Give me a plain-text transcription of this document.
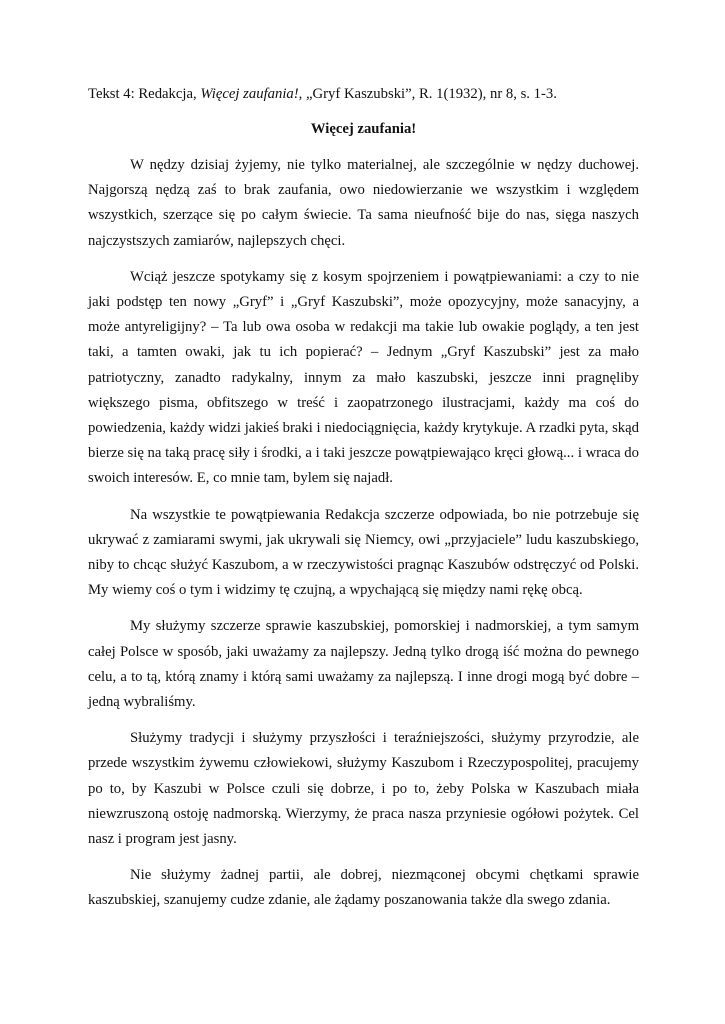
Tekst 4: Redakcja, Więcej zaufania!, „Gryf Kaszubski”, R. 1(1932), nr 8, s. 1-3.
Więcej zaufania!

W nędzy dzisiaj żyjemy, nie tylko materialnej, ale szczególnie w nędzy duchowej. Najgorszą nędzą zaś to brak zaufania, owo niedowierzanie we wszystkim i względem wszystkich, szerzące się po całym świecie. Ta sama nieufność bije do nas, sięga naszych najczystszych zamiarów, najlepszych chęci.

Wciąż jeszcze spotykamy się z kosym spojrzeniem i powątpiewaniami: a czy to nie jaki podstęp ten nowy „Gryf” i „Gryf Kaszubski”, może opozycyjny, może sanacyjny, a może antyreligijny? – Ta lub owa osoba w redakcji ma takie lub owakie poglądy, a ten jest taki, a tamten owaki, jak tu ich popierać? – Jednym „Gryf Kaszubski” jest za mało patriotyczny, zanadto radykalny, innym za mało kaszubski, jeszcze inni pragnęliby większego pisma, obfitszego w treść i zaopatrzonego ilustracjami, każdy ma coś do powiedzenia, każdy widzi jakieś braki i niedociągnięcia, każdy krytykuje. A rzadki pyta, skąd bierze się na taką pracę siły i środki, a i taki jeszcze powątpiewająco kręci głową... i wraca do swoich interesów. E, co mnie tam, bylem się najadł.

Na wszystkie te powątpiewania Redakcja szczerze odpowiada, bo nie potrzebuje się ukrywać z zamiarami swymi, jak ukrywali się Niemcy, owi „przyjaciele” ludu kaszubskiego, niby to chcąc służyć Kaszubom, a w rzeczywistości pragnąc Kaszubów odstręczyć od Polski. My wiemy coś o tym i widzimy tę czujną, a wpychającą się między nami rękę obcą.

My służymy szczerze sprawie kaszubskiej, pomorskiej i nadmorskiej, a tym samym całej Polsce w sposób, jaki uważamy za najlepszy. Jedną tylko drogą iść można do pewnego celu, a to tą, którą znamy i którą sami uważamy za najlepszą. I inne drogi mogą być dobre – jedną wybraliśmy.

Służymy tradycji i służymy przyszłości i teraźniejszości, służymy przyrodzie, ale przede wszystkim żywemu człowiekowi, służymy Kaszubom i Rzeczypospolitej, pracujemy po to, by Kaszubi w Polsce czuli się dobrze, i po to, żeby Polska w Kaszubach miała niewzruszoną ostoję nadmorską. Wierzymy, że praca nasza przyniesie ogółowi pożytek. Cel nasz i program jest jasny.

Nie służymy żadnej partii, ale dobrej, niezmąconej obcymi chętkami sprawie kaszubskiej, szanujemy cudze zdanie, ale żądamy poszanowania także dla swego zdania.
